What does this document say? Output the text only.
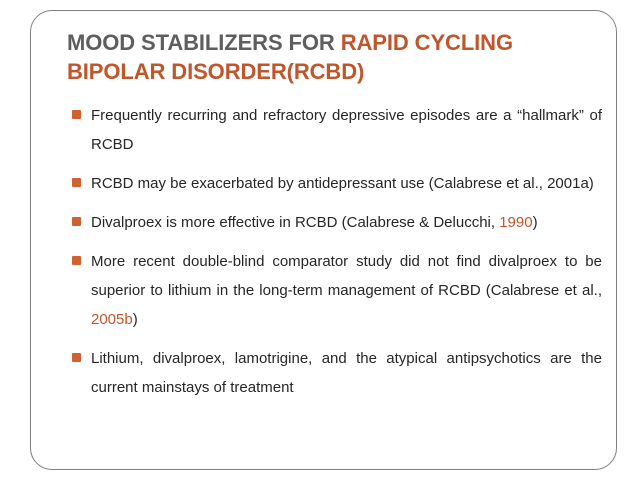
MOOD STABILIZERS FOR RAPID CYCLING
BIPOLAR DISORDER(RCBD)
Frequently recurring and refractory depressive episodes are a “hallmark” of RCBD
RCBD may be exacerbated by antidepressant use (Calabrese et al., 2001a)
Divalproex is more effective in RCBD (Calabrese & Delucchi, 1990)
More recent double-blind comparator study did not find divalproex to be superior to lithium in the long-term management of RCBD (Calabrese et al., 2005b)
Lithium, divalproex, lamotrigine, and the atypical antipsychotics are the current mainstays of treatment
